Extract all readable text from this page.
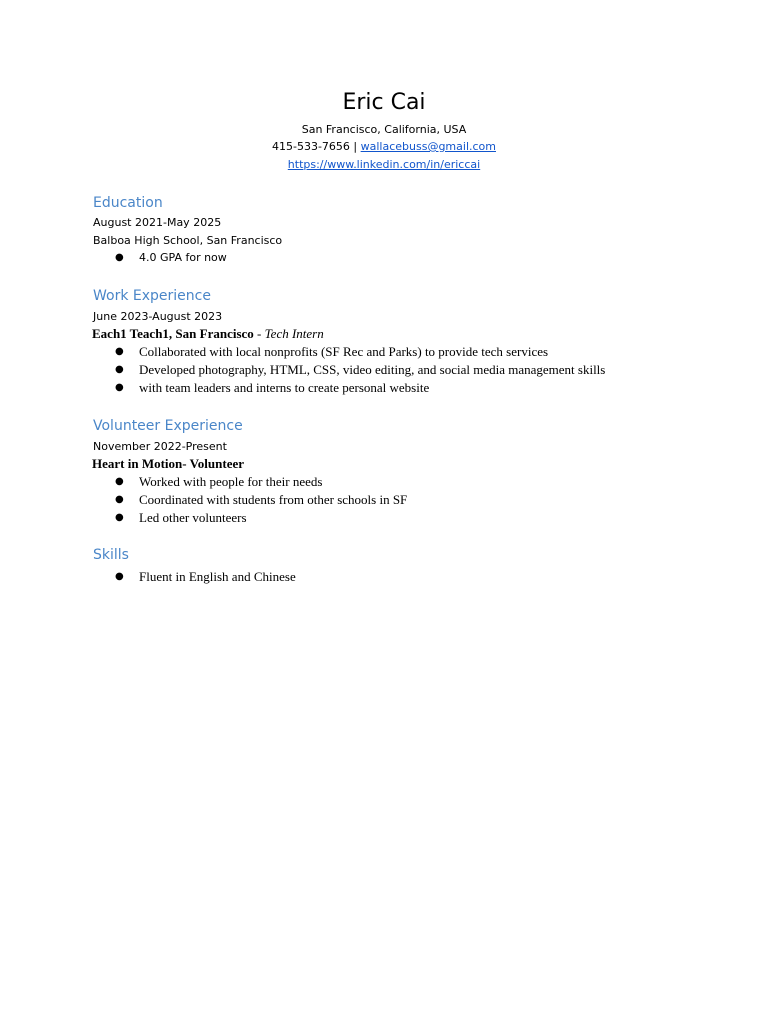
Eric Cai
San Francisco, California, USA
415-533-7656 | wallacebuss@gmail.com
https://www.linkedin.com/in/ericcai
Education
August 2021-May 2025
Balboa High School, San Francisco
● 4.0 GPA for now
Work Experience
June 2023-August 2023
Each1 Teach1, San Francisco - Tech Intern
● Collaborated with local nonprofits (SF Rec and Parks) to provide tech services
● Developed photography, HTML, CSS, video editing, and social media management skills
● with team leaders and interns to create personal website
Volunteer Experience
November 2022-Present
Heart in Motion- Volunteer
● Worked with people for their needs
● Coordinated with students from other schools in SF
● Led other volunteers
Skills
● Fluent in English and Chinese
